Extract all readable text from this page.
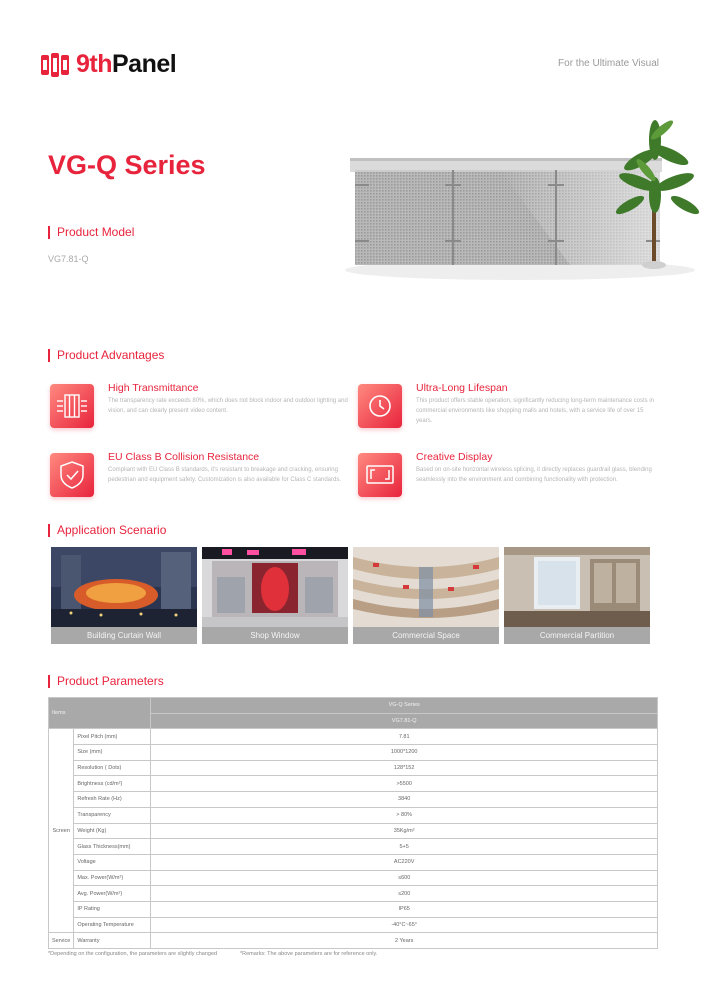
9thPanel	For the Ultimate Visual
VG-Q Series
Product Model
VG7.81-Q
Product Advantages
High Transmittance
The transparency rate exceeds 80%, which does not block indoor and outdoor lighting and vision, and can clearly present video content.
Ultra-Long Lifespan
This product offers stable operation, significantly reducing long-term maintenance costs in commercial environments like shopping malls and hotels, with a service life of over 15 years.
EU Class B Collision Resistance
Compliant with EU Class B standards, it's resistant to breakage and cracking, ensuring pedestrian and equipment safety. Customization is also available for Class C standards.
Creative Display
Based on on-site horizontal wireless splicing, it directly replaces guardrail glass, blending seamlessly into the environment and combining functionality with protection.
Application Scenario
Building Curtain Wall	Shop Window	Commercial Space	Commercial Partition
Product Parameters
Items		VG-Q Series
		VG7.81-Q
Screen	Pixel Pitch (mm)	7.81
	Size (mm)	1000*1200
	Resolution ( Dots)	128*152
	Brightness (cd/m²)	>5500
	Refresh Rate (Hz)	3840
	Transparency	> 80%
	Weight (Kg)	35Kg/m²
	Glass Thickness(mm)	5+5
	Voltage	AC220V
	Max. Power(W/m²)	≤600
	Avg. Power(W/m²)	≤200
	IP Rating	IP65
	Operating Temperature	-40°C~65°
Service	Warranty	2 Years
*Depending on the configuration, the parameters are slightly changed	*Remarks: The above parameters are for reference only.
